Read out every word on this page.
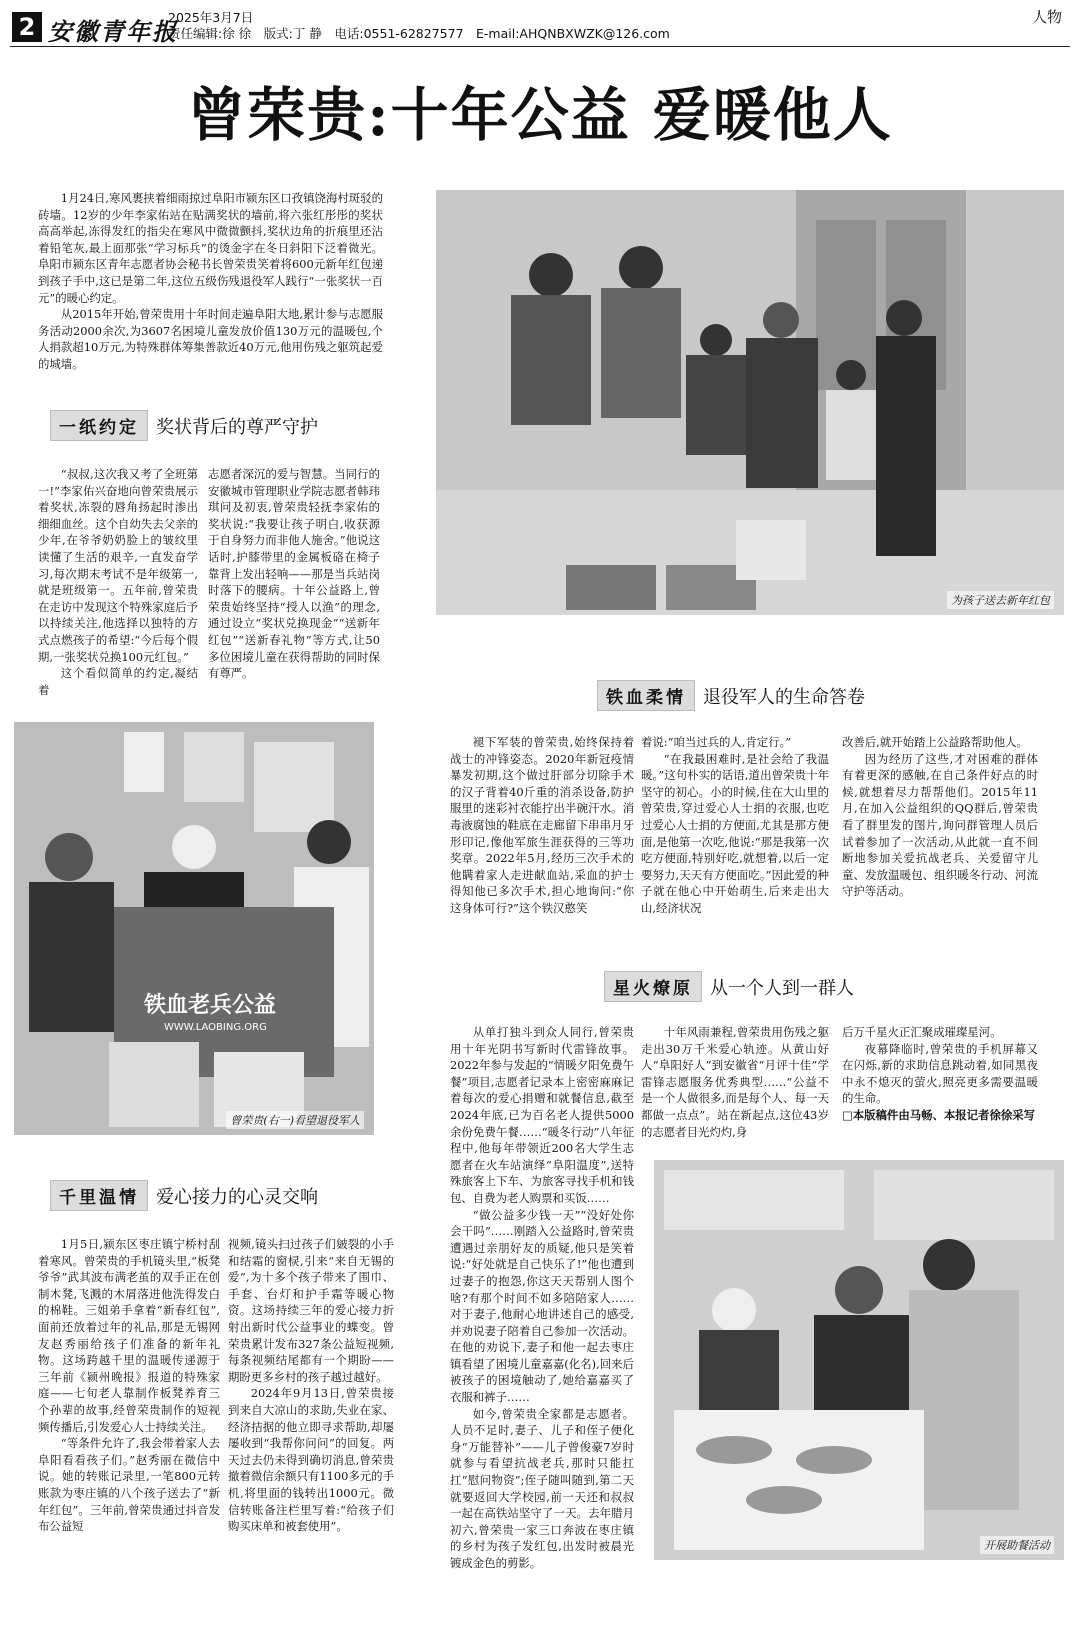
2 安徽青年报
2025年3月7日
责任编辑:徐 徐　版式:丁 静　电话:0551-62827577　E-mail:AHQNBXWZK@126.com
人物
曾荣贵:十年公益 爱暖他人

1月24日,寒风裹挟着细雨掠过阜阳市颍东区口孜镇饶海村斑驳的砖墙。12岁的少年李家佑站在贴满奖状的墙前,将六张红彤彤的奖状高高举起,冻得发红的指尖在寒风中微微颤抖,奖状边角的折痕里还沾着铅笔灰,最上面那张“学习标兵”的烫金字在冬日斜阳下泛着微光。阜阳市颍东区青年志愿者协会秘书长曾荣贵笑着将600元新年红包递到孩子手中,这已是第二年,这位五级伤残退役军人践行“一张奖状一百元”的暖心约定。

从2015年开始,曾荣贵用十年时间走遍阜阳大地,累计参与志愿服务活动2000余次,为3607名困境儿童发放价值130万元的温暖包,个人捐款超10万元,为特殊群体筹集善款近40万元,他用伤残之躯筑起爱的城墙。

一纸约定 奖状背后的尊严守护

“叔叔,这次我又考了全班第一!”李家佑兴奋地向曾荣贵展示着奖状,冻裂的唇角扬起时渗出细细血丝。这个自幼失去父亲的少年,在爷爷奶奶脸上的皱纹里读懂了生活的艰辛,一直发奋学习,每次期末考试不是年级第一,就是班级第一。五年前,曾荣贵在走访中发现这个特殊家庭后予以持续关注,他选择以独特的方式点燃孩子的希望:“今后每个假期,一张奖状兑换100元红包。”

这个看似简单的约定,凝结着

志愿者深沉的爱与智慧。当同行的安徽城市管理职业学院志愿者韩玮琪问及初衷,曾荣贵轻抚李家佑的奖状说:“我要让孩子明白,收获源于自身努力而非他人施舍。”他说这话时,护膝带里的金属板硌在椅子靠背上发出轻响——那是当兵站岗时落下的腰病。十年公益路上,曾荣贵始终坚持“授人以渔”的理念,通过设立“奖状兑换现金”“送新年红包”“送新春礼物”等方式,让50多位困境儿童在获得帮助的同时保有尊严。

为孩子送去新年红包
铁血老兵公益
WWW.LAOBING.ORG
曾荣贵(右一)看望退役军人
铁血柔情 退役军人的生命答卷

褪下军装的曾荣贵,始终保持着战士的冲锋姿态。2020年新冠疫情暴发初期,这个做过肝部分切除手术的汉子背着40斤重的消杀设备,防护服里的迷彩衬衣能拧出半碗汗水。消毒液腐蚀的鞋底在走廊留下串串月牙形印记,像他军旅生涯获得的三等功奖章。2022年5月,经历三次手术的他瞒着家人走进献血站,采血的护士得知他已多次手术,担心地询问:“你这身体可行?”这个铁汉憨笑

着说:“咱当过兵的人,肯定行。”

“在我最困难时,是社会给了我温暖。”这句朴实的话语,道出曾荣贵十年坚守的初心。小的时候,住在大山里的曾荣贵,穿过爱心人士捐的衣服,也吃过爱心人士捐的方便面,尤其是那方便面,是他第一次吃,他说:“那是我第一次吃方便面,特别好吃,就想着,以后一定要努力,天天有方便面吃。”因此爱的种子就在他心中开始萌生,后来走出大山,经济状况

改善后,就开始踏上公益路帮助他人。

因为经历了这些,才对困难的群体有着更深的感触,在自己条件好点的时候,就想着尽力帮帮他们。2015年11月,在加入公益组织的QQ群后,曾荣贵看了群里发的图片,询问群管理人员后试着参加了一次活动,从此就一直不间断地参加关爱抗战老兵、关爱留守儿童、发放温暖包、组织暖冬行动、河流守护等活动。

星火燎原 从一个人到一群人

从单打独斗到众人同行,曾荣贵用十年光阴书写新时代雷锋故事。2022年参与发起的“情暖夕阳免费午餐”项目,志愿者记录本上密密麻麻记着每次的爱心捐赠和就餐信息,截至2024年底,已为百名老人提供5000余份免费午餐……“暖冬行动”八年征程中,他每年带领近200名大学生志愿者在火车站演绎“阜阳温度”,送特殊旅客上下车、为旅客寻找手机和钱包、自费为老人购票和买饭……

“做公益多少钱一天”“没好处你会干吗”……刚踏入公益路时,曾荣贵遭遇过亲朋好友的质疑,他只是笑着说:“好处就是自己快乐了!”他也遭到过妻子的抱怨,你这天天帮别人图个啥?有那个时间不如多陪陪家人……对于妻子,他耐心地讲述自己的感受,并劝说妻子陪着自己参加一次活动。在他的劝说下,妻子和他一起去枣庄镇看望了困境儿童嘉嘉(化名),回来后被孩子的困境触动了,她给嘉嘉买了衣服和裤子……

如今,曾荣贵全家都是志愿者。人员不足时,妻子、儿子和侄子便化身“万能替补”——儿子曾俊豪7岁时就参与看望抗战老兵,那时只能扛扛“慰问物资”;侄子随叫随到,第二天就要返回大学校园,前一天还和叔叔一起在高铁站坚守了一天。去年腊月初六,曾荣贵一家三口奔波在枣庄镇的乡村为孩子发红包,出发时被晨光镀成金色的剪影。

十年风雨兼程,曾荣贵用伤残之躯走出30万千米爱心轨迹。从黄山好人“阜阳好人”到安徽省“月评十佳”学雷锋志愿服务优秀典型……“公益不是一个人做很多,而是每个人、每一天都做一点点”。站在新起点,这位43岁的志愿者目光灼灼,身

后万千星火正汇聚成璀璨星河。

夜幕降临时,曾荣贵的手机屏幕又在闪烁,新的求助信息跳动着,如同黑夜中永不熄灭的萤火,照亮更多需要温暖的生命。

□本版稿件由马畅、本报记者徐徐采写

开展助餐活动
千里温情 爱心接力的心灵交响

1月5日,颍东区枣庄镇宁桥村刮着寒风。曾荣贵的手机镜头里,“板凳爷爷”武其波布满老茧的双手正在创制木凳,飞溅的木屑落进他洗得发白的棉鞋。三姐弟手拿着“新春红包”,面前还放着过年的礼品,那是无锡网友赵秀丽给孩子们准备的新年礼物。这场跨越千里的温暖传递源于三年前《颍州晚报》报道的特殊家庭——七旬老人靠制作板凳养育三个孙辈的故事,经曾荣贵制作的短视频传播后,引发爱心人士持续关注。

“等条件允许了,我会带着家人去阜阳看看孩子们。”赵秀丽在微信中说。她的转账记录里,一笔800元转账款为枣庄镇的八个孩子送去了“新年红包”。三年前,曾荣贵通过抖音发布公益短

视频,镜头扫过孩子们皴裂的小手和结霜的窗棂,引来“来自无锡的爱”,为十多个孩子带来了围巾、手套、台灯和护手霜等暖心物资。这场持续三年的爱心接力折射出新时代公益事业的蝶变。曾荣贵累计发布327条公益短视频,每条视频结尾都有一个期盼——期盼更多乡村的孩子越过越好。

2024年9月13日,曾荣贵接到来自大凉山的求助,失业在家、经济拮据的他立即寻求帮助,却屡屡收到“我帮你问问”的回复。两天过去仍未得到确切消息,曾荣贵撤着微信余额只有1100多元的手机,将里面的钱转出1000元。微信转账备注栏里写着:“给孩子们购买床单和被套使用”。
